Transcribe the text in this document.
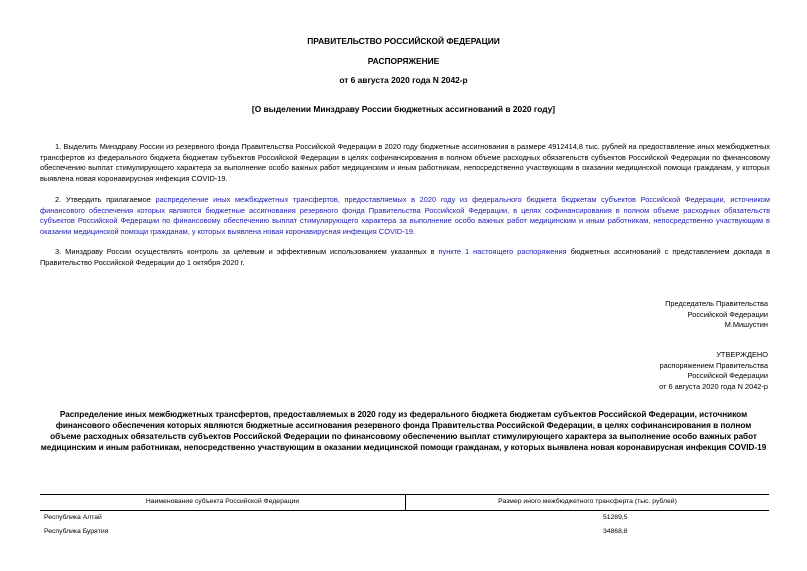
ПРАВИТЕЛЬСТВО РОССИЙСКОЙ ФЕДЕРАЦИИ
РАСПОРЯЖЕНИЕ
от 6 августа 2020 года N 2042-р
[О выделении Минздраву России бюджетных ассигнований в 2020 году]
1. Выделить Минздраву России из резервного фонда Правительства Российской Федерации в 2020 году бюджетные ассигнования в размере 4912414,8 тыс. рублей на предоставление иных межбюджетных трансфертов из федерального бюджета бюджетам субъектов Российской Федерации в целях софинансирования в полном объеме расходных обязательств субъектов Российской Федерации по финансовому обеспечению выплат стимулирующего характера за выполнение особо важных работ медицинским и иным работникам, непосредственно участвующим в оказании медицинской помощи гражданам, у которых выявлена новая коронавирусная инфекция COVID-19.
2. Утвердить прилагаемое распределение иных межбюджетных трансфертов, предоставляемых в 2020 году из федерального бюджета бюджетам субъектов Российской Федерации, источником финансового обеспечения которых являются бюджетные ассигнования резервного фонда Правительства Российской Федерации, в целях софинансирования в полном объеме расходных обязательств субъектов Российской Федерации по финансовому обеспечению выплат стимулирующего характера за выполнение особо важных работ медицинским и иным работникам, непосредственно участвующим в оказании медицинской помощи гражданам, у которых выявлена новая коронавирусная инфекция COVID-19.
3. Минздраву России осуществлять контроль за целевым и эффективным использованием указанных в пункте 1 настоящего распоряжения бюджетных ассигнований с представлением доклада в Правительство Российской Федерации до 1 октября 2020 г.
Председатель Правительства
Российской Федерации
М.Мишустин
УТВЕРЖДЕНО
распоряжением Правительства
Российской Федерации
от 6 августа 2020 года N 2042-р
Распределение иных межбюджетных трансфертов, предоставляемых в 2020 году из федерального бюджета бюджетам субъектов Российской Федерации, источником финансового обеспечения которых являются бюджетные ассигнования резервного фонда Правительства Российской Федерации, в целях софинансирования в полном объеме расходных обязательств субъектов Российской Федерации по финансовому обеспечению выплат стимулирующего характера за выполнение особо важных работ медицинским и иным работникам, непосредственно участвующим в оказании медицинской помощи гражданам, у которых выявлена новая коронавирусная инфекция COVID-19
Наименование субъекта Российской Федерации	Размер иного межбюджетного трансферта (тыс. рублей)
Республика Алтай	51289,5
Республика Бурятия	34868,8
